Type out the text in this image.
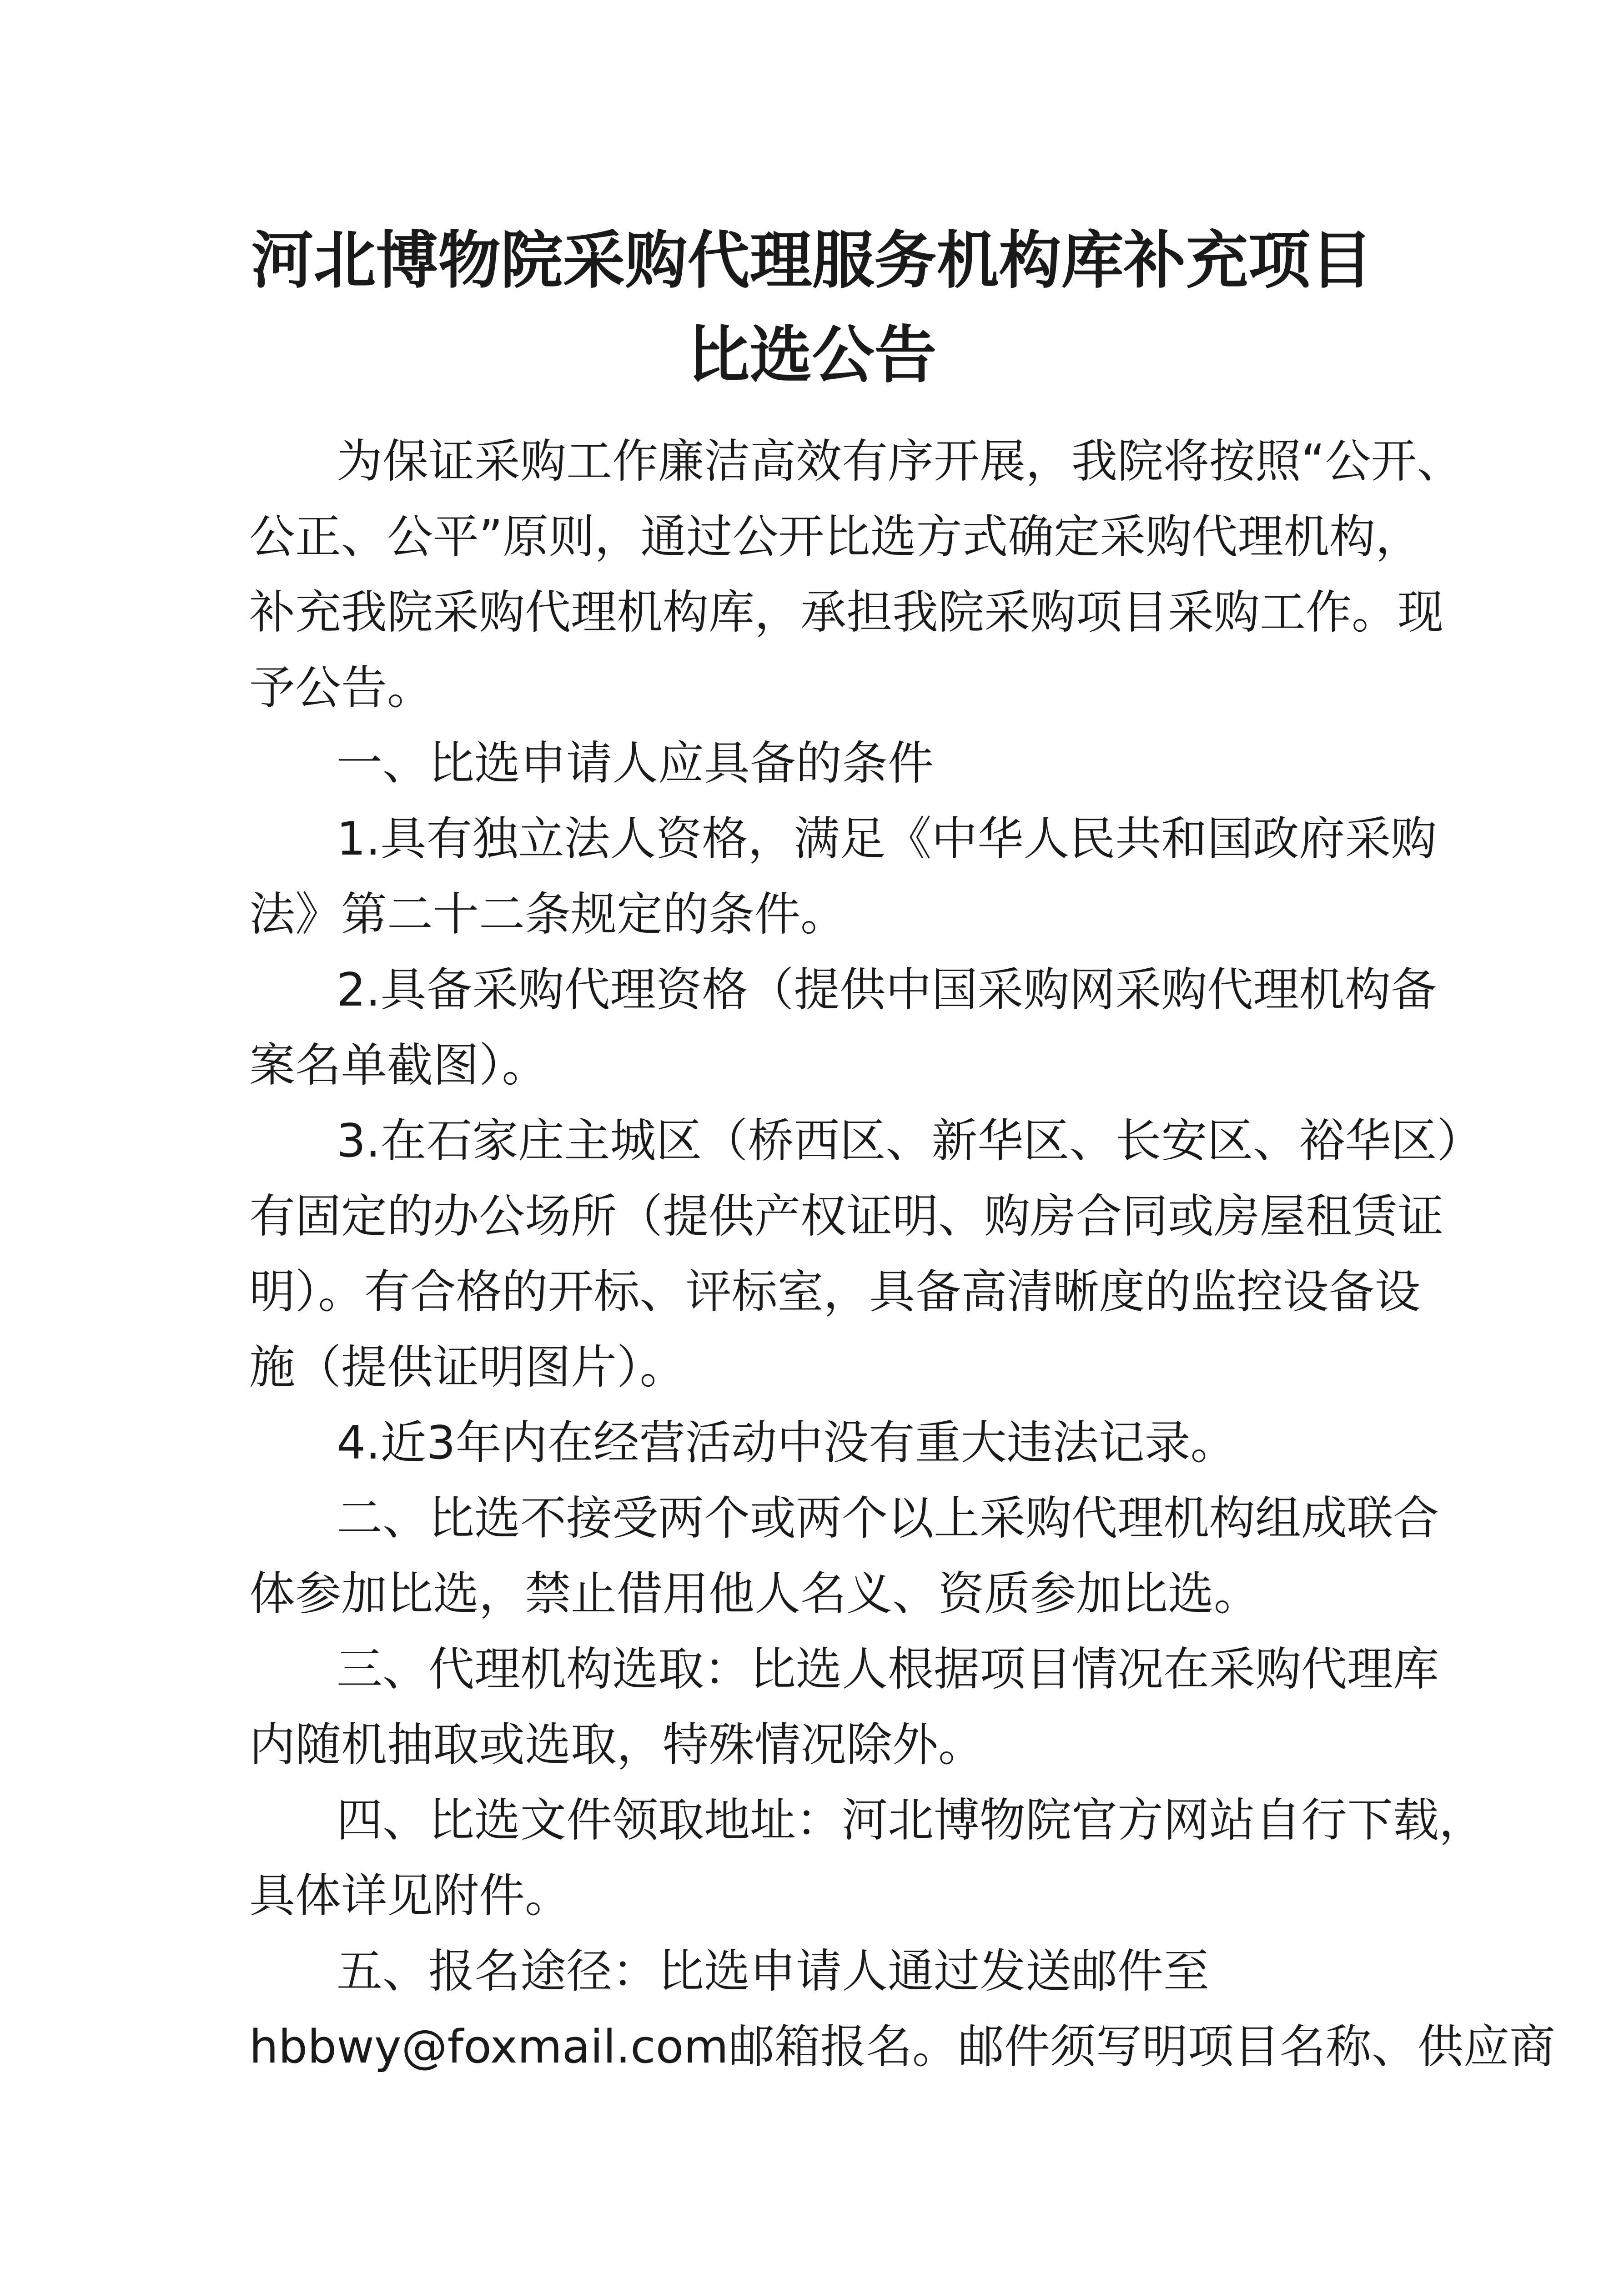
河北博物院采购代理服务机构库补充项目
比选公告

为保证采购工作廉洁高效有序开展，我院将按照“公开、

公正、公平”原则，通过公开比选方式确定采购代理机构，

补充我院采购代理机构库，承担我院采购项目采购工作。现

予公告。

一、比选申请人应具备的条件

1.具有独立法人资格，满足《中华人民共和国政府采购

法》第二十二条规定的条件。

2.具备采购代理资格（提供中国采购网采购代理机构备

案名单截图）。

3.在石家庄主城区（桥西区、新华区、长安区、裕华区）

有固定的办公场所（提供产权证明、购房合同或房屋租赁证

明）。有合格的开标、评标室，具备高清晰度的监控设备设

施（提供证明图片）。

4.近3年内在经营活动中没有重大违法记录。

二、比选不接受两个或两个以上采购代理机构组成联合

体参加比选，禁止借用他人名义、资质参加比选。

三、代理机构选取：比选人根据项目情况在采购代理库

内随机抽取或选取，特殊情况除外。

四、比选文件领取地址：河北博物院官方网站自行下载，

具体详见附件。

五、报名途径：比选申请人通过发送邮件至

hbbwy@foxmail.com邮箱报名。邮件须写明项目名称、供应商
